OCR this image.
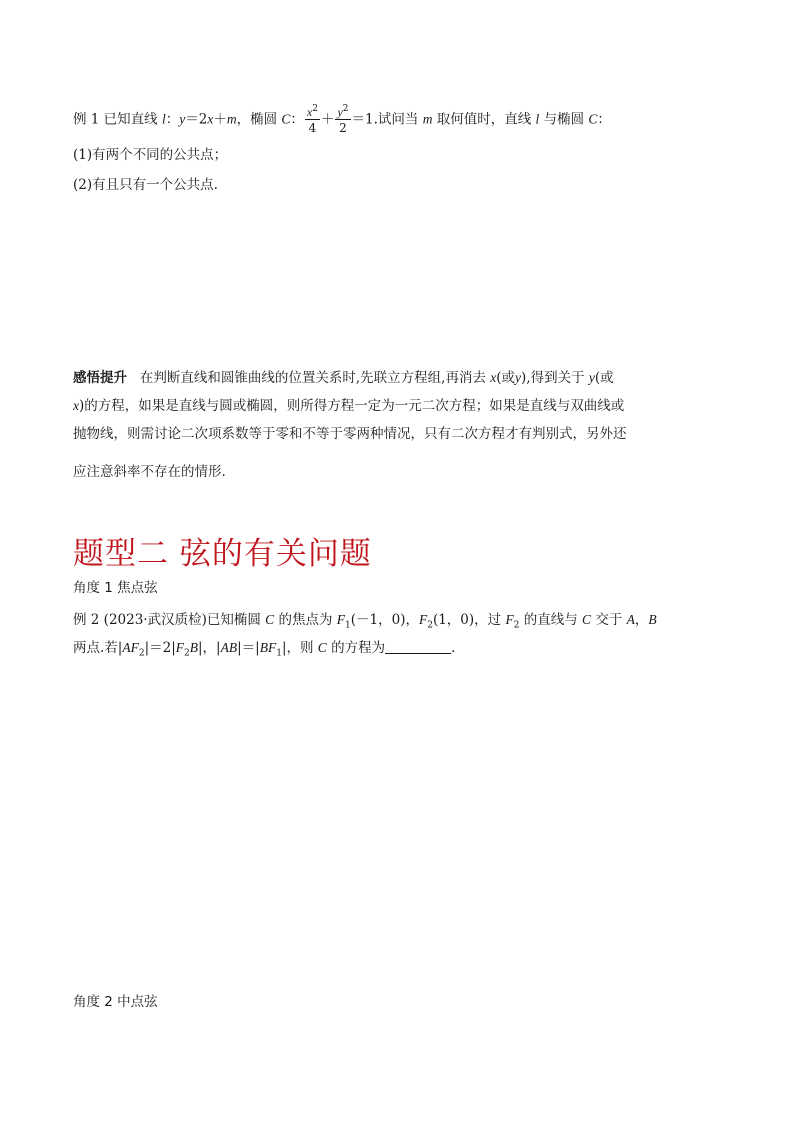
例 1 已知直线 l：y＝2x＋m，椭圆 C： $\frac{x^2}{4} + \frac{y^2}{2} =1$.试问当 m 取何值时，直线 l 与椭圆 C：
(1)有两个不同的公共点；
(2)有且只有一个公共点.
感悟提升 在判断直线和圆锥曲线的位置关系时,先联立方程组,再消去 x(或y),得到关于 y(或
x)的方程，如果是直线与圆或椭圆，则所得方程一定为一元二次方程；如果是直线与双曲线或
抛物线，则需讨论二次项系数等于零和不等于零两种情况，只有二次方程才有判别式，另外还
应注意斜率不存在的情形.
题型二 弦的有关问题
角度 1 焦点弦
例 2 (2023·武汉质检)已知椭圆 C 的焦点为 $F_1(-1$，0)，$F_2(1$，0)，过 $F_2$ 的直线与 C 交于 A，B
两点.若$|AF_2|=2|F_2B|$，$|AB|=|BF_1|$，则 C 的方程为	.
角度 2 中点弦
